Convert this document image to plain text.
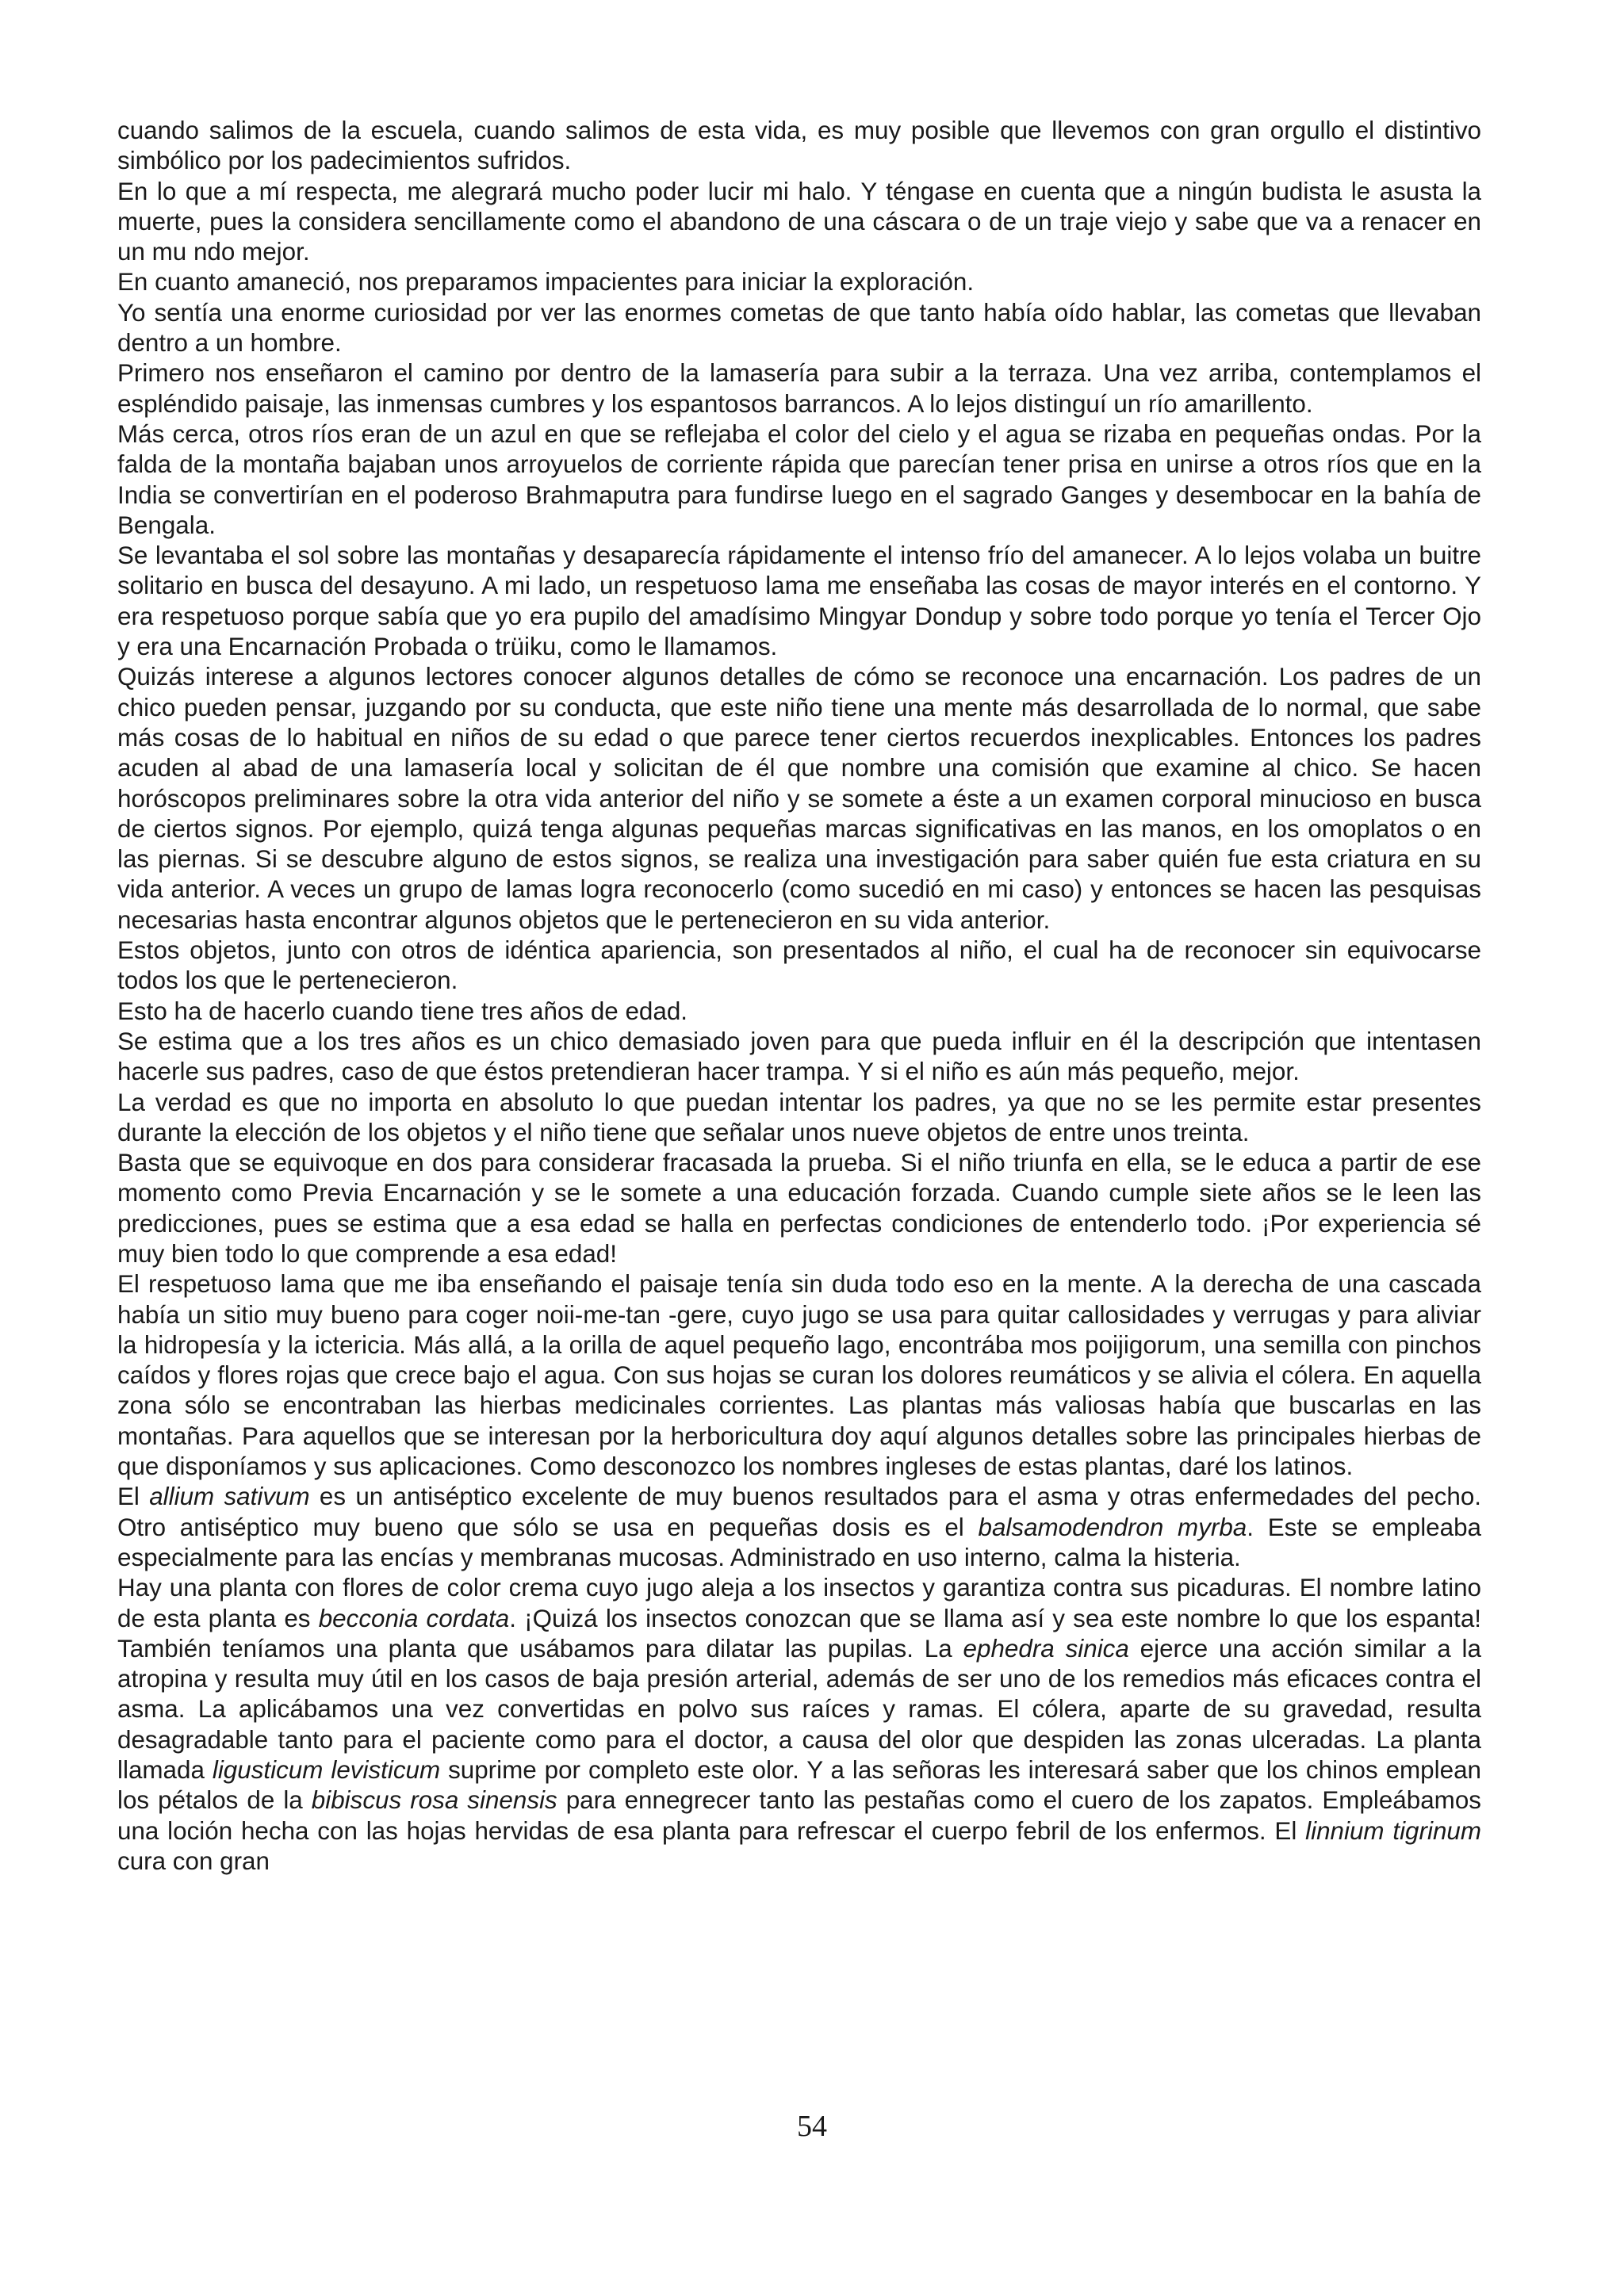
cuando salimos de la escuela, cuando salimos de esta vida, es muy posible que llevemos con gran orgullo el distintivo simbólico por los padecimientos sufridos.

En lo que a mí respecta, me alegrará mucho poder lucir mi halo. Y téngase en cuenta que a ningún budista le asusta la muerte, pues la considera sencillamente como el abandono de una cáscara o de un traje viejo y sabe que va a renacer en un mu ndo mejor.

En cuanto amaneció, nos preparamos impacientes para iniciar la exploración.

Yo sentía una enorme curiosidad por ver las enormes cometas de que tanto había oído hablar, las cometas que llevaban dentro a un hombre.

Primero nos enseñaron el camino por dentro de la lamasería para subir a la terraza. Una vez arriba, contemplamos el espléndido paisaje, las inmensas cumbres y los espantosos barrancos. A lo lejos distinguí un río amarillento.

Más cerca, otros ríos eran de un azul en que se reflejaba el color del cielo y el agua se rizaba en pequeñas ondas. Por la falda de la montaña bajaban unos arroyuelos de corriente rápida que parecían tener prisa en unirse a otros ríos que en la India se convertirían en el poderoso Brahmaputra para fundirse luego en el sagrado Ganges y desembocar en la bahía de Bengala.

Se levantaba el sol sobre las montañas y desaparecía rápidamente el intenso frío del amanecer. A lo lejos volaba un buitre solitario en busca del desayuno. A mi lado, un respetuoso lama me enseñaba las cosas de mayor interés en el contorno. Y era respetuoso porque sabía que yo era pupilo del amadísimo Mingyar Dondup y sobre todo porque yo tenía el Tercer Ojo y era una Encarnación Probada o trüiku, como le llamamos.

Quizás interese a algunos lectores conocer algunos detalles de cómo se reconoce una encarnación. Los padres de un chico pueden pensar, juzgando por su conducta, que este niño tiene una mente más desarrollada de lo normal, que sabe más cosas de lo habitual en niños de su edad o que parece tener ciertos recuerdos inexplicables. Entonces los padres acuden al abad de una lamasería local y solicitan de él que nombre una comisión que examine al chico. Se hacen horóscopos preliminares sobre la otra vida anterior del niño y se somete a éste a un examen corporal minucioso en busca de ciertos signos. Por ejemplo, quizá tenga algunas pequeñas marcas significativas en las manos, en los omoplatos o en las piernas. Si se descubre alguno de estos signos, se realiza una investigación para saber quién fue esta criatura en su vida anterior. A veces un grupo de lamas logra reconocerlo (como sucedió en mi caso) y entonces se hacen las pesquisas necesarias hasta encontrar algunos objetos que le pertenecieron en su vida anterior.

Estos objetos, junto con otros de idéntica apariencia, son presentados al niño, el cual ha de reconocer sin equivocarse todos los que le pertenecieron.

Esto ha de hacerlo cuando tiene tres años de edad.

Se estima que a los tres años es un chico demasiado joven para que pueda influir en él la descripción que intentasen hacerle sus padres, caso de que éstos pretendieran hacer trampa. Y si el niño es aún más pequeño, mejor.

La verdad es que no importa en absoluto lo que puedan intentar los padres, ya que no se les permite estar presentes durante la elección de los objetos y el niño tiene que señalar unos nueve objetos de entre unos treinta.

Basta que se equivoque en dos para considerar fracasada la prueba. Si el niño triunfa en ella, se le educa a partir de ese momento como Previa Encarnación y se le somete a una educación forzada. Cuando cumple siete años se le leen las predicciones, pues se estima que a esa edad se halla en perfectas condiciones de entenderlo todo. ¡Por experiencia sé muy bien todo lo que comprende a esa edad!

El respetuoso lama que me iba enseñando el paisaje tenía sin duda todo eso en la mente. A la derecha de una cascada había un sitio muy bueno para coger noii-me-tan -gere, cuyo jugo se usa para quitar callosidades y verrugas y para aliviar la hidropesía y la ictericia. Más allá, a la orilla de aquel pequeño lago, encontrába mos poijigorum, una semilla con pinchos caídos y flores rojas que crece bajo el agua. Con sus hojas se curan los dolores reumáticos y se alivia el cólera. En aquella zona sólo se encontraban las hierbas medicinales corrientes. Las plantas más valiosas había que buscarlas en las montañas. Para aquellos que se interesan por la herboricultura doy aquí algunos detalles sobre las principales hierbas de que disponíamos y sus aplicaciones. Como desconozco los nombres ingleses de estas plantas, daré los latinos.

El allium sativum es un antiséptico excelente de muy buenos resultados para el asma y otras enfermedades del pecho. Otro antiséptico muy bueno que sólo se usa en pequeñas dosis es el balsamodendron myrba. Este se empleaba especialmente para las encías y membranas mucosas. Administrado en uso interno, calma la histeria.

Hay una planta con flores de color crema cuyo jugo aleja a los insectos y garantiza contra sus picaduras. El nombre latino de esta planta es becconia cordata. ¡Quizá los insectos conozcan que se llama así y sea este nombre lo que los espanta! También teníamos una planta que usábamos para dilatar las pupilas. La ephedra sinica ejerce una acción similar a la atropina y resulta muy útil en los casos de baja presión arterial, además de ser uno de los remedios más eficaces contra el asma. La aplicábamos una vez convertidas en polvo sus raíces y ramas. El cólera, aparte de su gravedad, resulta desagradable tanto para el paciente como para el doctor, a causa del olor que despiden las zonas ulceradas. La planta llamada ligusticum levisticum suprime por completo este olor. Y a las señoras les interesará saber que los chinos emplean los pétalos de la bibiscus rosa sinensis para ennegrecer tanto las pestañas como el cuero de los zapatos. Empleábamos una loción hecha con las hojas hervidas de esa planta para refrescar el cuerpo febril de los enfermos. El linnium tigrinum cura con gran

54
